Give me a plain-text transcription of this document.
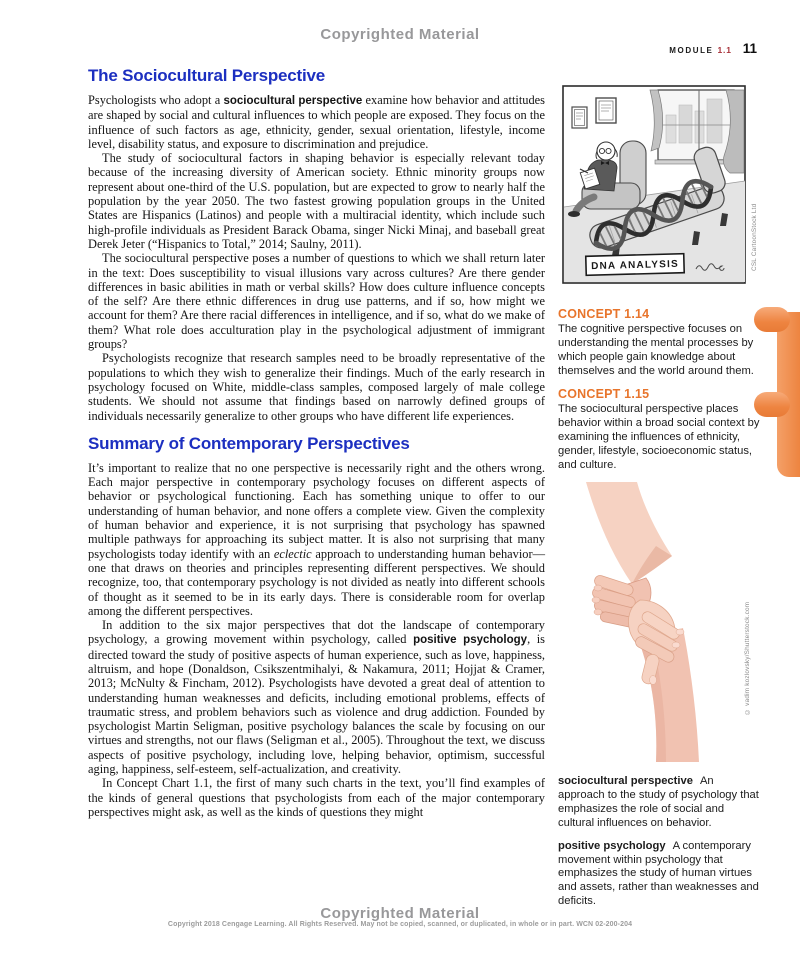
Copyrighted Material
MODULE 1.1 11
The Sociocultural Perspective

Psychologists who adopt a sociocultural perspective examine how behavior and attitudes are shaped by social and cultural influences to which people are exposed. They focus on the influence of such factors as age, ethnicity, gender, sexual orientation, lifestyle, income level, disability status, and exposure to discrimination and prejudice.

The study of sociocultural factors in shaping behavior is especially relevant today because of the increasing diversity of American society. Ethnic minority groups now represent about one-third of the U.S. population, but are expected to grow to nearly half the population by the year 2050. The two fastest growing population groups in the United States are Hispanics (Latinos) and people with a multiracial identity, which include such high-profile individuals as President Barack Obama, singer Nicki Minaj, and baseball great Derek Jeter (“Hispanics to Total,” 2014; Saulny, 2011).

The sociocultural perspective poses a number of questions to which we shall return later in the text: Does susceptibility to visual illusions vary across cultures? Are there gender differences in basic abilities in math or verbal skills? How does culture influence concepts of the self? Are there ethnic differences in drug use patterns, and if so, how might we account for them? Are there racial differences in intelligence, and if so, what do we make of them? What role does acculturation play in the psychological adjustment of immigrant groups?

Psychologists recognize that research samples need to be broadly representative of the populations to which they wish to generalize their findings. Much of the early research in psychology focused on White, middle-class samples, composed largely of male college students. We should not assume that findings based on narrowly defined groups of individuals necessarily generalize to other groups who have different life experiences.

Summary of Contemporary Perspectives

It’s important to realize that no one perspective is necessarily right and the others wrong. Each major perspective in contemporary psychology focuses on different aspects of behavior or psychological functioning. Each has something unique to offer to our understanding of human behavior, and none offers a complete view. Given the complexity of human behavior and experience, it is not surprising that psychology has spawned multiple pathways for approaching its subject matter. It is also not surprising that many psychologists today identify with an eclectic approach to understanding human behavior—one that draws on theories and principles representing different perspectives. We should recognize, too, that contemporary psychology is not divided as neatly into different schools of thought as it seemed to be in its early days. There is considerable room for overlap among the different perspectives.

In addition to the six major perspectives that dot the landscape of contemporary psychology, a growing movement within psychology, called positive psychology, is directed toward the study of positive aspects of human experience, such as love, happiness, altruism, and hope (Donaldson, Csikszentmihalyi, & Nakamura, 2011; Hojjat & Cramer, 2013; McNulty & Fincham, 2012). Psychologists have devoted a great deal of attention to understanding human weaknesses and deficits, including emotional problems, effects of traumatic stress, and problem behaviors such as violence and drug addiction. Founded by psychologist Martin Seligman, positive psychology balances the scale by focusing on our virtues and strengths, not our flaws (Seligman et al., 2005). Throughout the text, we discuss aspects of positive psychology, including love, helping behavior, optimism, successful aging, happiness, self-esteem, self-actualization, and creativity.

In Concept Chart 1.1, the first of many such charts in the text, you’ll find examples of the kinds of general questions that psychologists from each of the major contemporary perspectives might ask, as well as the kinds of questions they might

DNA ANALYSIS	CSL CartoonStock Ltd
CONCEPT 1.14

The cognitive perspective focuses on understanding the mental processes by which people gain knowledge about themselves and the world around them.

CONCEPT 1.15

The sociocultural perspective places behavior within a broad social context by examining the influences of ethnicity, gender, lifestyle, socioeconomic status, and culture.

© vadim kozlovsky/Shutterstock.com

sociocultural perspective An approach to the study of psychology that emphasizes the role of social and cultural influences on behavior.

positive psychology A contemporary movement within psychology that emphasizes the study of human virtues and assets, rather than weaknesses and deficits.

Copyrighted Material
Copyright 2018 Cengage Learning. All Rights Reserved. May not be copied, scanned, or duplicated, in whole or in part. WCN 02-200-204
